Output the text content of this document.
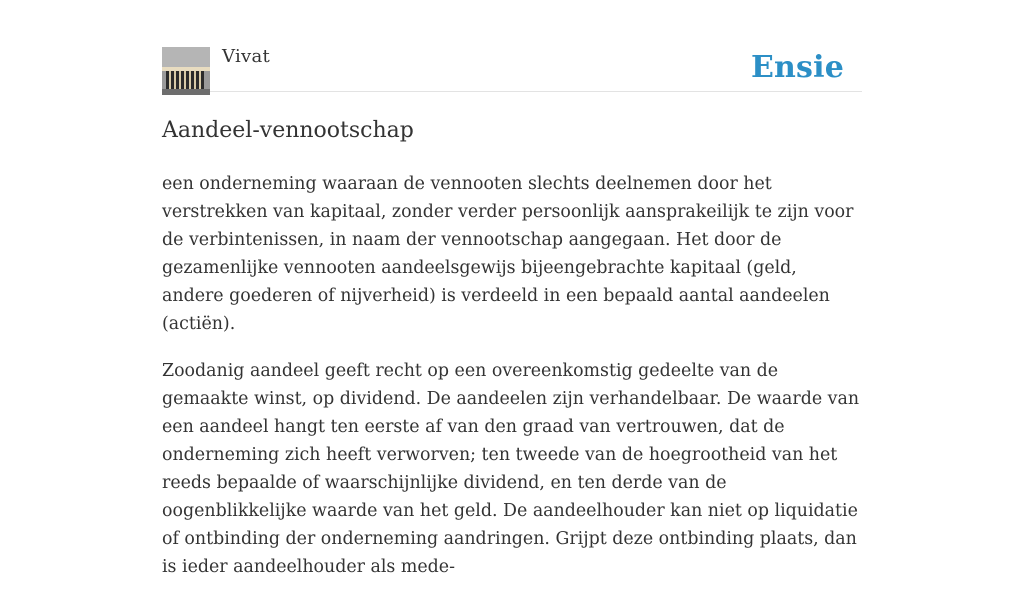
Vivat	Ensie
Aandeel-vennootschap

een onderneming waaraan de vennooten slechts deelnemen door het verstrekken van kapitaal, zonder verder persoonlijk aansprakeilijk te zijn voor de verbintenissen, in naam der vennootschap aangegaan. Het door de gezamenlijke vennooten aandeelsgewijs bijeengebrachte kapitaal (geld, andere goederen of nijverheid) is verdeeld in een bepaald aantal aandeelen (actiën).

Zoodanig aandeel geeft recht op een overeenkomstig gedeelte van de gemaakte winst, op dividend. De aandeelen zijn verhandelbaar. De waarde van een aandeel hangt ten eerste af van den graad van vertrouwen, dat de onderneming zich heeft verworven; ten tweede van de hoegrootheid van het reeds bepaalde of waarschijnlijke dividend, en ten derde van de oogenblikkelijke waarde van het geld. De aandeelhouder kan niet op liquidatie of ontbinding der onderneming aandringen. Grijpt deze ontbinding plaats, dan is ieder aandeelhouder als mede-
